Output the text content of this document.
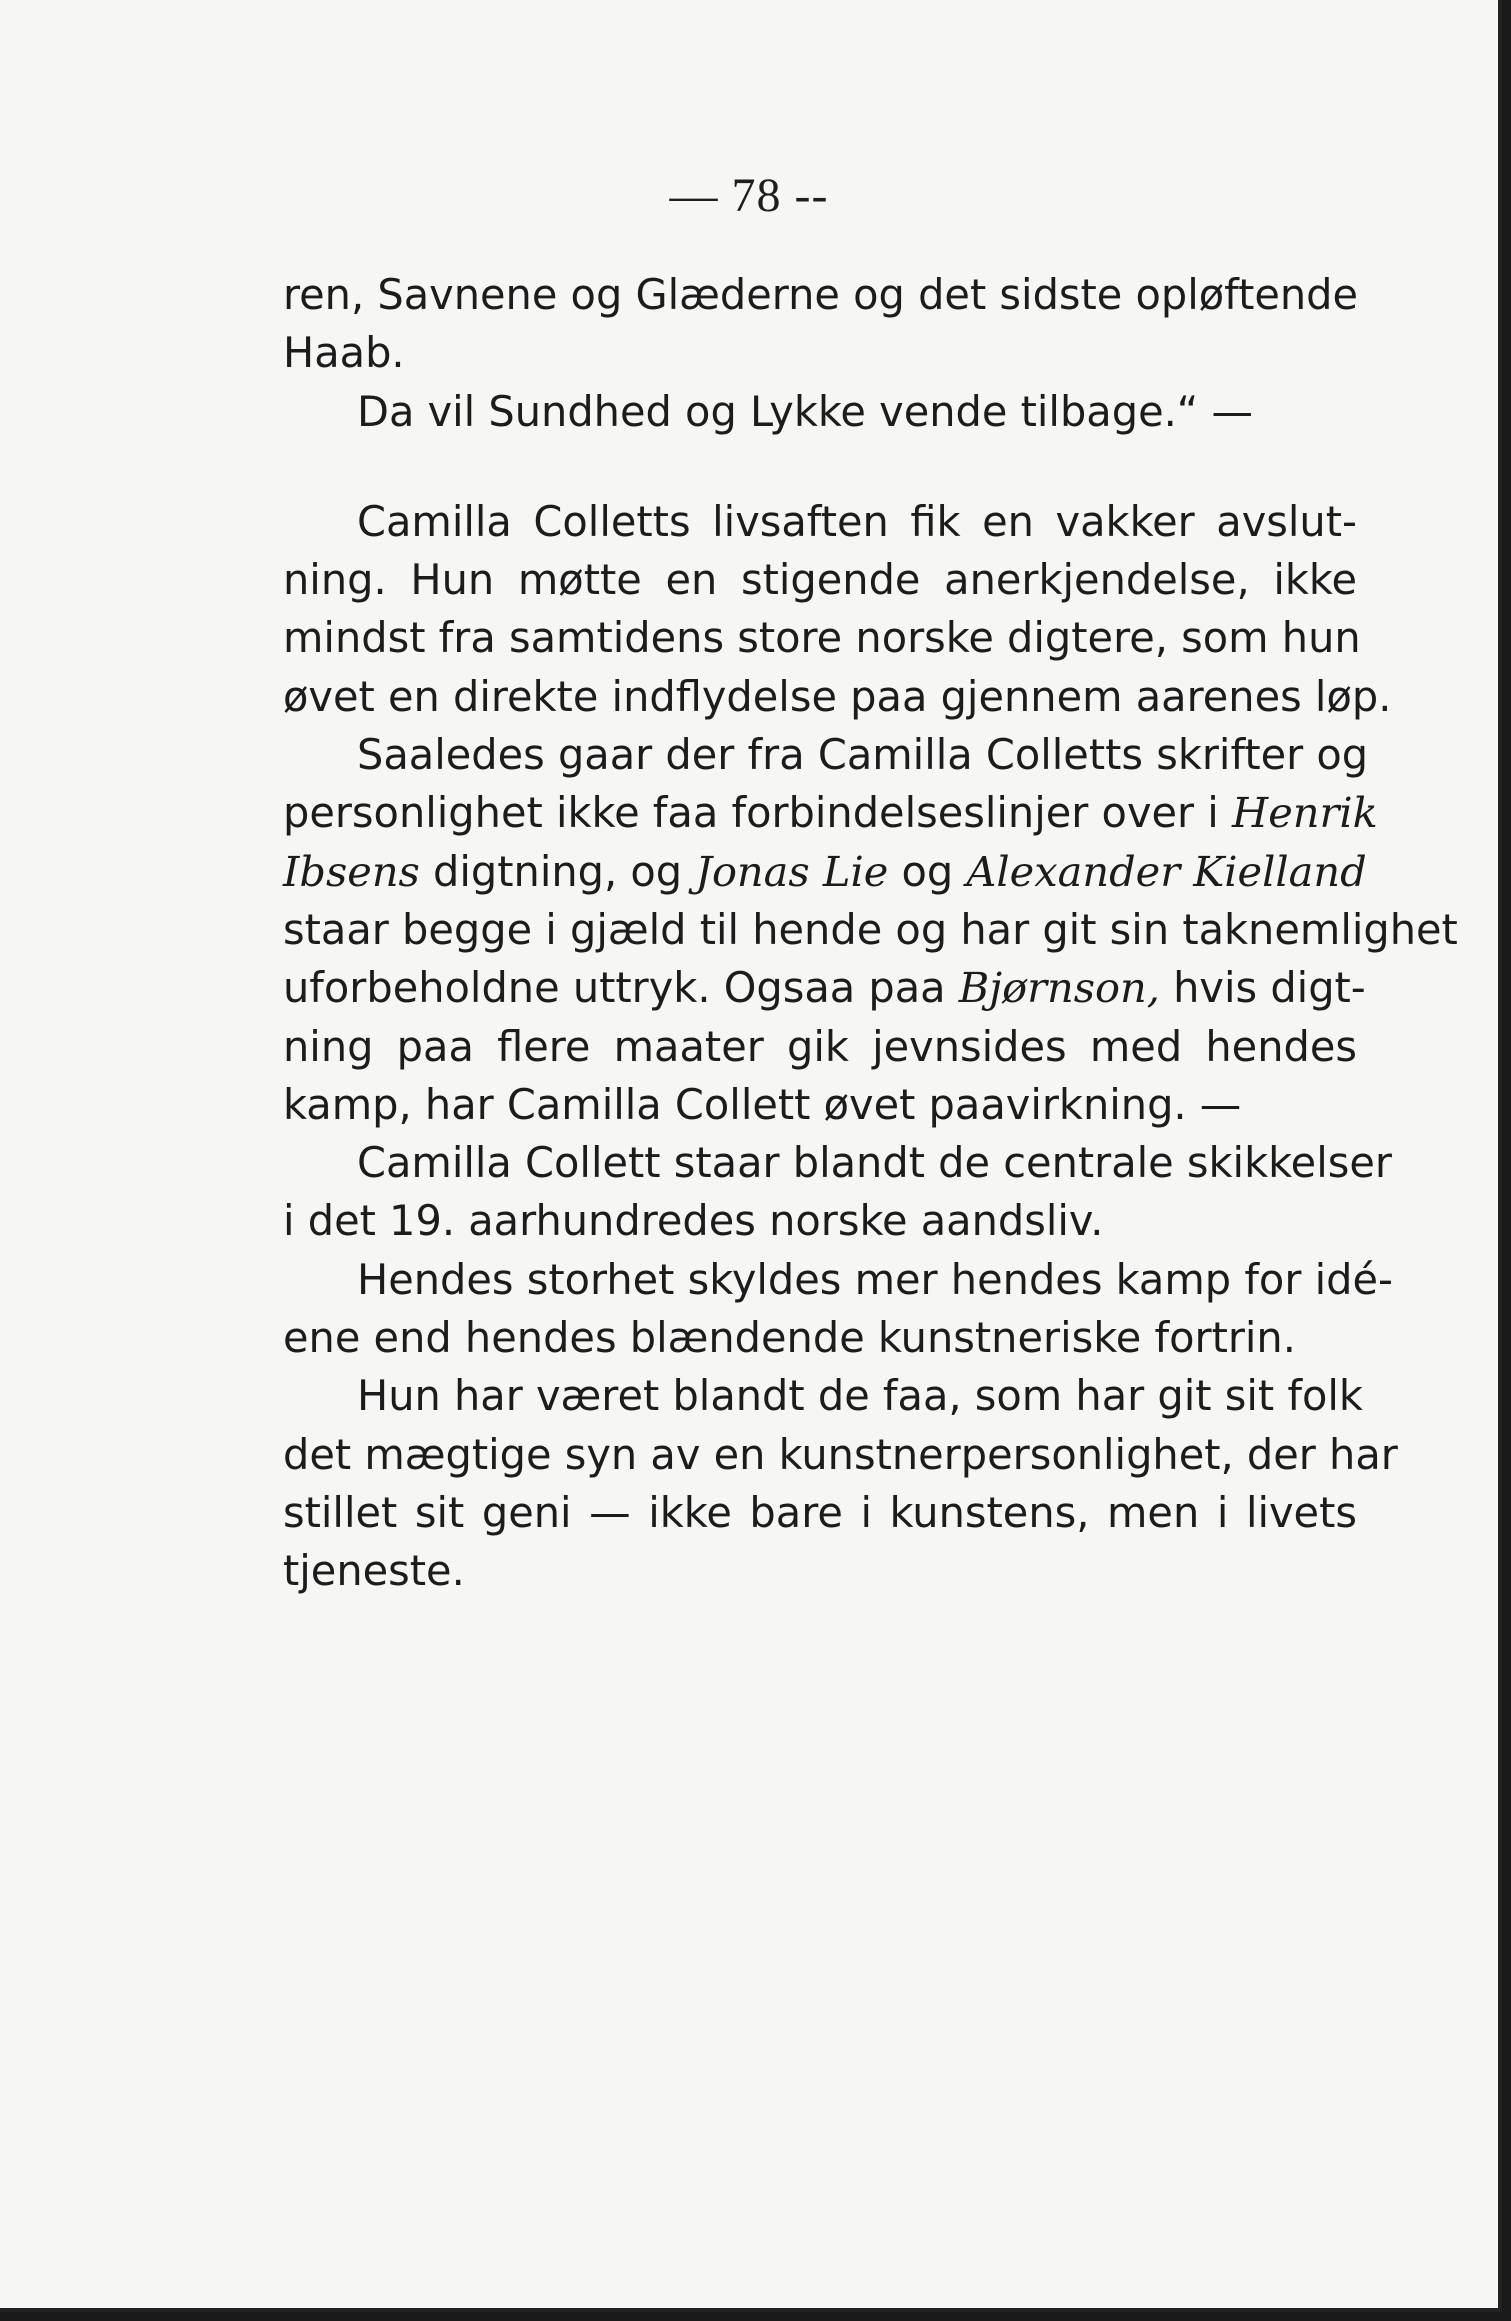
— 78 --
ren, Savnene og Glæderne og det sidste opløftende
Haab.
Da vil Sundhed og Lykke vende tilbage.“ —
Camilla Colletts livsaften fik en vakker avslut-
ning. Hun møtte en stigende anerkjendelse, ikke
mindst fra samtidens store norske digtere, som hun
øvet en direkte indflydelse paa gjennem aarenes løp.
Saaledes gaar der fra Camilla Colletts skrifter og
personlighet ikke faa forbindelseslinjer over i Henrik
Ibsens digtning, og Jonas Lie og Alexander Kielland
staar begge i gjæld til hende og har git sin taknemlighet
uforbeholdne uttryk. Ogsaa paa Bjørnson, hvis digt-
ning paa flere maater gik jevnsides med hendes
kamp, har Camilla Collett øvet paavirkning. —
Camilla Collett staar blandt de centrale skikkelser
i det 19. aarhundredes norske aandsliv.
Hendes storhet skyldes mer hendes kamp for idé-
ene end hendes blændende kunstneriske fortrin.
Hun har været blandt de faa, som har git sit folk
det mægtige syn av en kunstnerpersonlighet, der har
stillet sit geni — ikke bare i kunstens, men i livets
tjeneste.
